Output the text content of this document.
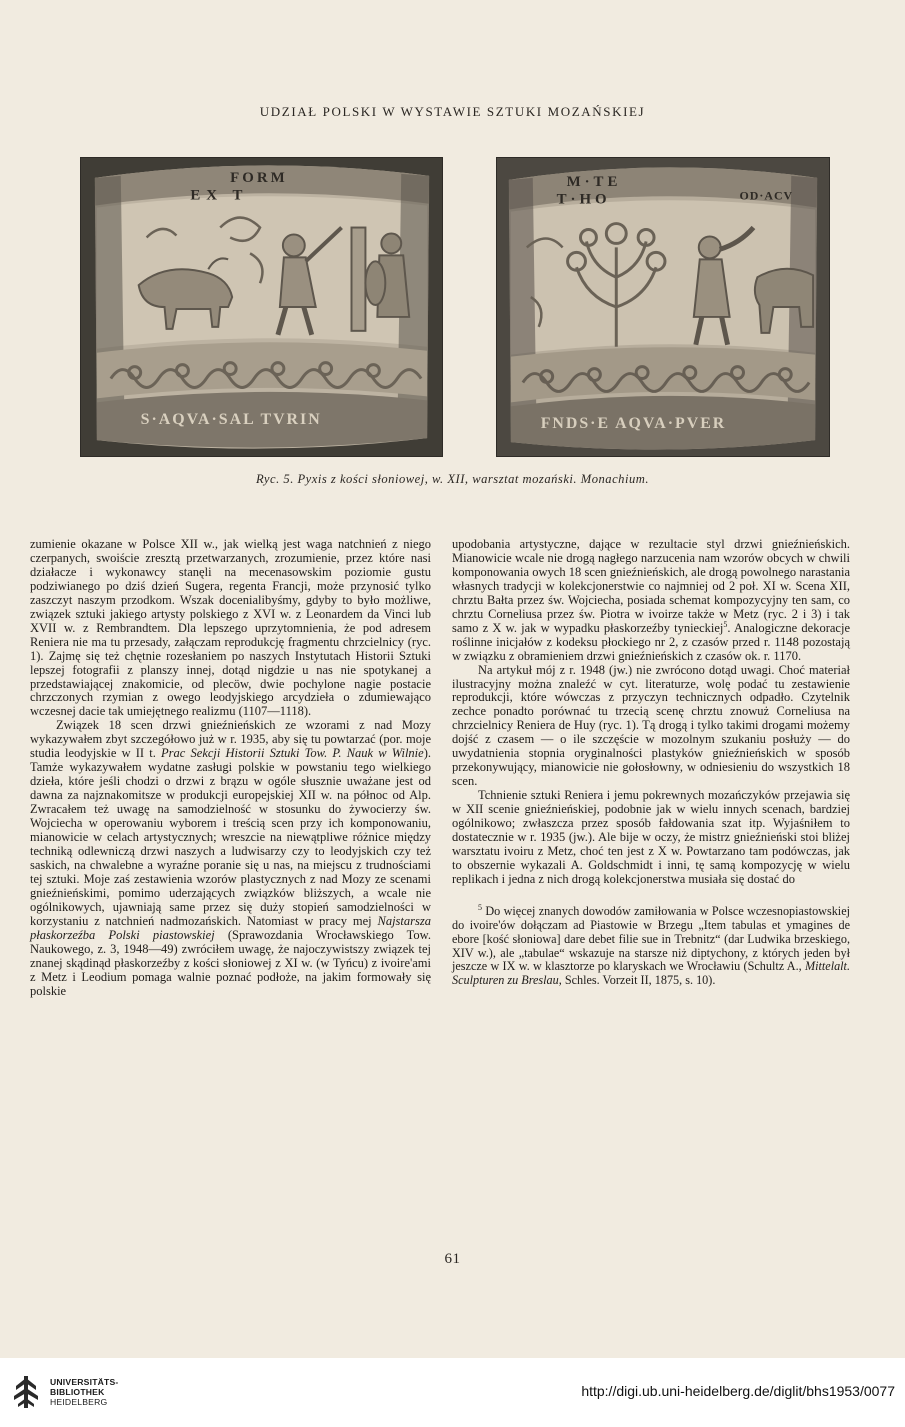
UDZIAŁ POLSKI W WYSTAWIE SZTUKI MOZAŃSKIEJ
FORM
EX T
S·AQVA·SAL TVRIN
M·TE
T·HO	OD·ACV
FNDS·E AQVA·PVER
Ryc. 5. Pyxis z kości słoniowej, w. XII, warsztat mozański. Monachium.

zumienie okazane w Polsce XII w., jak wielką jest waga natchnień z niego czerpanych, swoiście zresztą przetwarzanych, zrozumienie, przez które nasi działacze i wykonawcy stanęli na mecenasowskim poziomie gustu podziwianego po dziś dzień Sugera, regenta Francji, może przynosić tylko zaszczyt naszym przodkom. Wszak docenialibyśmy, gdyby to było możliwe, związek sztuki jakiego artysty polskiego z XVI w. z Leonardem da Vinci lub XVII w. z Rembrandtem. Dla lepszego uprzytomnienia, że pod adresem Reniera nie ma tu przesady, załączam reprodukcję fragmentu chrzcielnicy (ryc. 1). Zajmę się też chętnie rozesłaniem po naszych Instytutach Historii Sztuki lepszej fotografii z planszy innej, dotąd nigdzie u nas nie spotykanej a przedstawiającej znakomicie, od plecöw, dwie pochylone nagie postacie chrzczonych rzymian z owego leodyjskiego arcydzieła o zdumiewająco wczesnej dacie tak umiejętnego realizmu (1107—1118).

Związek 18 scen drzwi gnieźnieńskich ze wzorami z nad Mozy wykazywałem zbyt szczegółowo już w r. 1935, aby się tu powtarzać (por. moje studia leodyjskie w II t. Prac Sekcji Historii Sztuki Tow. P. Nauk w Wilnie). Tamże wykazywałem wydatne zasługi polskie w powstaniu tego wielkiego dzieła, które jeśli chodzi o drzwi z brązu w ogóle słusznie uważane jest od dawna za najznakomitsze w produkcji europejskiej XII w. na północ od Alp. Zwracałem też uwagę na samodzielność w stosunku do żywocierzy św. Wojciecha w operowaniu wyborem i treścią scen przy ich komponowaniu, mianowicie w celach artystycznych; wreszcie na niewątpliwe różnice między techniką odlewniczą drzwi naszych a ludwisarzy czy to leodyjskich czy też saskich, na chwalebne a wyraźne poranie się u nas, na miejscu z trudnościami tej sztuki. Moje zaś zestawienia wzorów plastycznych z nad Mozy ze scenami gnieźnieńskimi, pomimo uderzających związków bliższych, a wcale nie ogólnikowych, ujawniają same przez się duży stopień samodzielności w korzystaniu z natchnień nadmozańskich. Natomiast w pracy mej Najstarsza płaskorzeźba Polski piastowskiej (Sprawozdania Wrocławskiego Tow. Naukowego, z. 3, 1948—49) zwróciłem uwagę, że najoczywistszy związek tej znanej skądinąd płaskorzeźby z kości słoniowej z XI w. (w Tyńcu) z ivoire'ami z Metz i Leodium pomaga walnie poznać podłoże, na jakim formowały się polskie

upodobania artystyczne, dające w rezultacie styl drzwi gnieźnieńskich. Mianowicie wcale nie drogą nagłego narzucenia nam wzorów obcych w chwili komponowania owych 18 scen gnieźnieńskich, ale drogą powolnego narastania własnych tradycji w kolekcjonerstwie co najmniej od 2 poł. XI w. Scena XII, chrztu Bałta przez św. Wojciecha, posiada schemat kompozycyjny ten sam, co chrztu Corneliusa przez św. Piotra w ivoirze także w Metz (ryc. 2 i 3) i tak samo z X w. jak w wypadku płaskorzeźby tynieckiej$^5$. Analogiczne dekoracje roślinne inicjałów z kodeksu płockiego nr 2, z czasów przed r. 1148 pozostają w związku z obramieniem drzwi gnieźnieńskich z czasów ok. r. 1170.

Na artykuł mój z r. 1948 (jw.) nie zwrócono dotąd uwagi. Choć materiał ilustracyjny można znaleźć w cyt. literaturze, wolę podać tu zestawienie reprodukcji, które wówczas z przyczyn technicznych odpadło. Czytelnik zechce ponadto porównać tu trzecią scenę chrztu znowuż Corneliusa na chrzcielnicy Reniera de Huy (ryc. 1). Tą drogą i tylko takimi drogami możemy dojść z czasem — o ile szczęście w mozolnym szukaniu posłuży — do uwydatnienia stopnia oryginalności plastyków gnieźnieńskich w sposób przekonywujący, mianowicie nie gołosłowny, w odniesieniu do wszystkich 18 scen.

Tchnienie sztuki Reniera i jemu pokrewnych mozańczyków przejawia się w XII scenie gnieźnieńskiej, podobnie jak w wielu innych scenach, bardziej ogólnikowo; zwłaszcza przez sposób fałdowania szat itp. Wyjaśniłem to dostatecznie w r. 1935 (jw.). Ale bije w oczy, że mistrz gnieźnieński stoi bliżej warsztatu ivoiru z Metz, choć ten jest z X w. Powtarzano tam podówczas, jak to obszernie wykazali A. Goldschmidt i inni, tę samą kompozycję w wielu replikach i jedna z nich drogą kolekcjonerstwa musiała się dostać do

$^5$ Do więcej znanych dowodów zamiłowania w Polsce wczesnopiastowskiej do ivoire'ów dołączam ad Piastowie w Brzegu „Item tabulas et ymagines de ebore [kość słoniowa] dare debet filie sue in Trebnitz“ (dar Ludwika brzeskiego, XIV w.), ale „tabulae“ wskazuje na starsze niż diptychony, z których jeden był jeszcze w IX w. w klasztorze po klaryskach we Wrocławiu (Schultz A., Mittelalt. Sculpturen zu Breslau, Schles. Vorzeit II, 1875, s. 10).

61
UNIVERSITÄTS-
BIBLIOTHEK
HEIDELBERG
http://digi.ub.uni-heidelberg.de/diglit/bhs1953/0077
